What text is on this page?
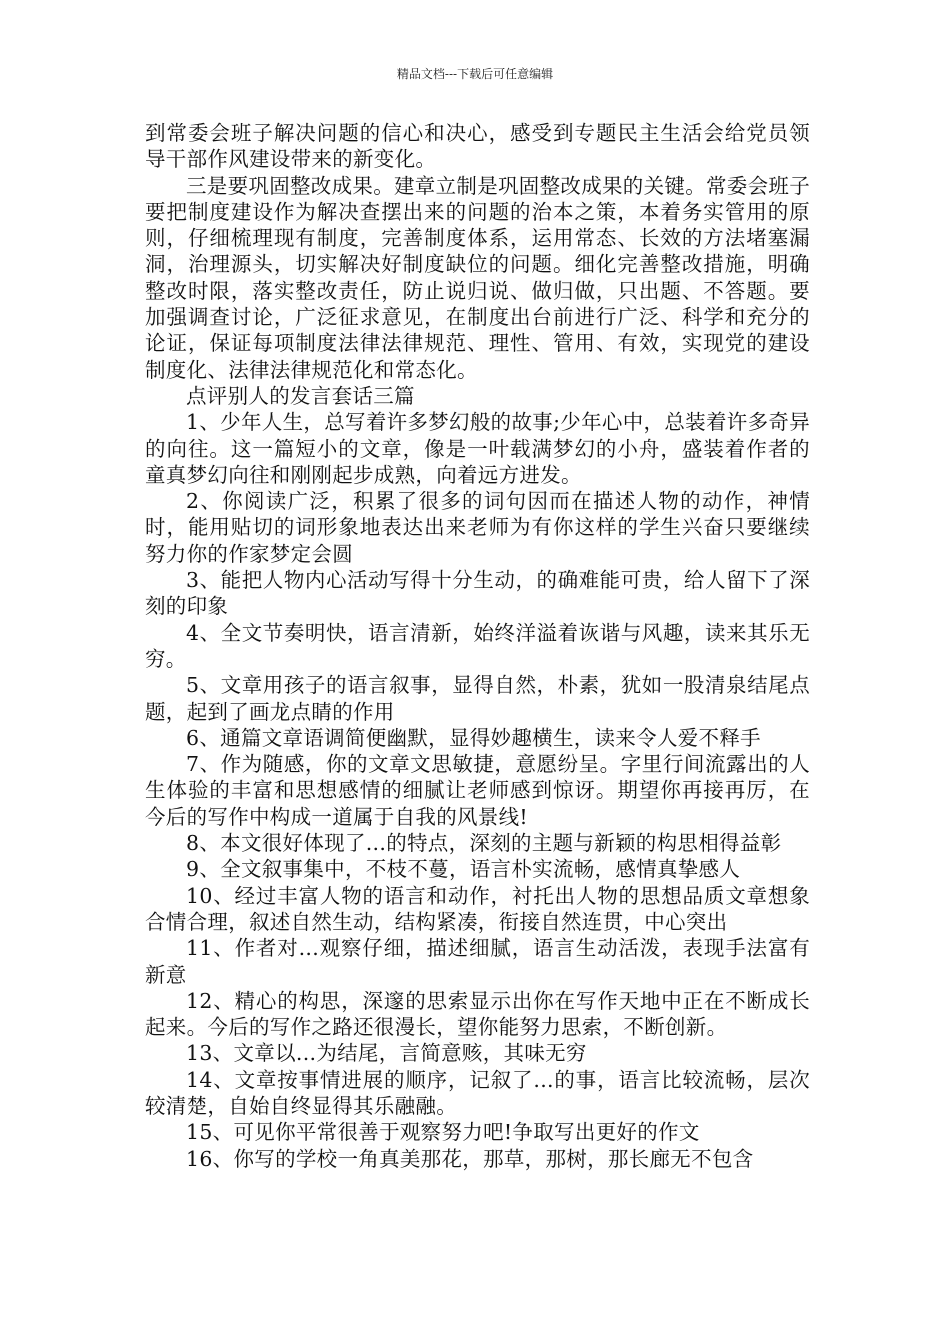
精品文档---下载后可任意编辑

到常委会班子解决问题的信心和决心，感受到专题民主生活会给党员领导干部作风建设带来的新变化。

三是要巩固整改成果。建章立制是巩固整改成果的关键。常委会班子要把制度建设作为解决查摆出来的问题的治本之策，本着务实管用的原则，仔细梳理现有制度，完善制度体系，运用常态、长效的方法堵塞漏洞，治理源头，切实解决好制度缺位的问题。细化完善整改措施，明确整改时限，落实整改责任，防止说归说、做归做，只出题、不答题。要加强调查讨论，广泛征求意见，在制度出台前进行广泛、科学和充分的论证，保证每项制度法律法律规范、理性、管用、有效，实现党的建设制度化、法律法律规范化和常态化。

点评别人的发言套话三篇

1、少年人生，总写着许多梦幻般的故事;少年心中，总装着许多奇异的向往。这一篇短小的文章，像是一叶载满梦幻的小舟，盛装着作者的童真梦幻向往和刚刚起步成熟，向着远方进发。

2、你阅读广泛，积累了很多的词句因而在描述人物的动作，神情时，能用贴切的词形象地表达出来老师为有你这样的学生兴奋只要继续努力你的作家梦定会圆

3、能把人物内心活动写得十分生动，的确难能可贵，给人留下了深刻的印象

4、全文节奏明快，语言清新，始终洋溢着诙谐与风趣，读来其乐无穷。

5、文章用孩子的语言叙事，显得自然，朴素，犹如一股清泉结尾点题，起到了画龙点睛的作用

6、通篇文章语调简便幽默，显得妙趣横生，读来令人爱不释手

7、作为随感，你的文章文思敏捷，意愿纷呈。字里行间流露出的人生体验的丰富和思想感情的细腻让老师感到惊讶。期望你再接再厉，在今后的写作中构成一道属于自我的风景线!

8、本文很好体现了...的特点，深刻的主题与新颖的构思相得益彰

9、全文叙事集中，不枝不蔓，语言朴实流畅，感情真挚感人

10、经过丰富人物的语言和动作，衬托出人物的思想品质文章想象合情合理，叙述自然生动，结构紧凑，衔接自然连贯，中心突出

11、作者对...观察仔细，描述细腻，语言生动活泼，表现手法富有新意

12、精心的构思，深邃的思索显示出你在写作天地中正在不断成长起来。今后的写作之路还很漫长，望你能努力思索，不断创新。

13、文章以...为结尾，言简意赅，其味无穷

14、文章按事情进展的顺序，记叙了...的事，语言比较流畅，层次较清楚，自始自终显得其乐融融。

15、可见你平常很善于观察努力吧!争取写出更好的作文

16、你写的学校一角真美那花，那草，那树，那长廊无不包含
